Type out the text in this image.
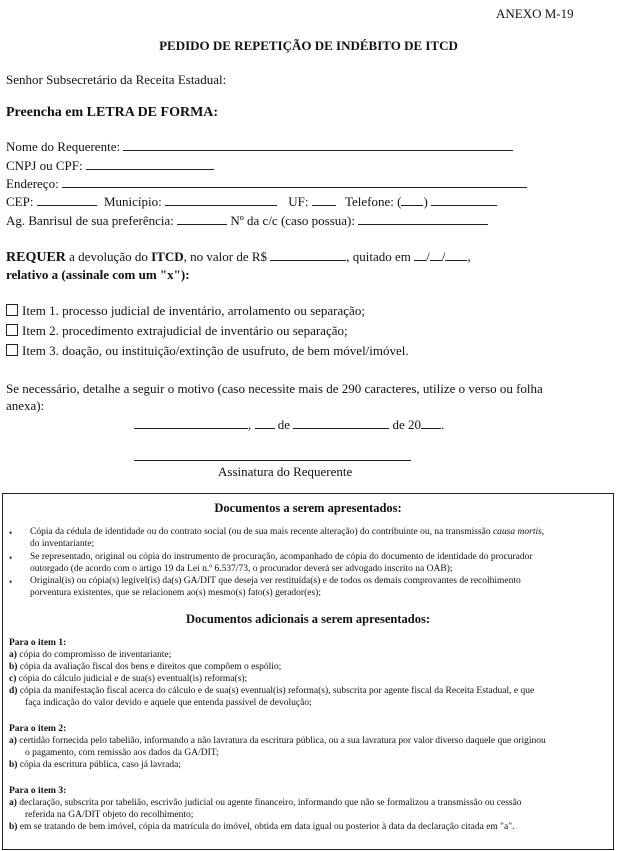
ANEXO M-19
PEDIDO DE REPETIÇÃO DE INDÉBITO DE ITCD
Senhor Subsecretário da Receita Estadual:
Preencha em LETRA DE FORMA:
Nome do Requerente:
CNPJ ou CPF:
Endereço:
CEP:	Município:	UF:	Telefone: ( )
Ag. Banrisul de sua preferência:	Nº da c/c (caso possua):
REQUER a devolução do ITCD, no valor de R$	, quitado em / / ,
relativo a (assinale com um "x"):
Item 1. processo judicial de inventário, arrolamento ou separação;
Item 2. procedimento extrajudicial de inventário ou separação;
Item 3. doação, ou instituição/extinção de usufruto, de bem móvel/imóvel.
Se necessário, detalhe a seguir o motivo (caso necessite mais de 290 caracteres, utilize o verso ou folha
anexa):
, de	de 20 .
Assinatura do Requerente
Documentos a serem apresentados:
• Cópia da cédula de identidade ou do contrato social (ou de sua mais recente alteração) do contribuinte ou, na transmissão causa mortis,
do inventariante;
• Se representado, original ou cópia do instrumento de procuração, acompanhado de cópia do documento de identidade do procurador
outorgado (de acordo com o artigo 19 da Lei n.º 6.537/73, o procurador deverá ser advogado inscrito na OAB);
• Original(is) ou cópia(s) legível(is) da(s) GA/DIT que deseja ver restituída(s) e de todos os demais comprovantes de recolhimento
porventura existentes, que se relacionem ao(s) mesmo(s) fato(s) gerador(es);
Documentos adicionais a serem apresentados:
Para o item 1:
a) cópia do compromisso de inventariante;
b) cópia da avaliação fiscal dos bens e direitos que compõem o espólio;
c) cópia do cálculo judicial e de sua(s) eventual(is) reforma(s);
d) cópia da manifestação fiscal acerca do cálculo e de sua(s) eventual(is) reforma(s), subscrita por agente fiscal da Receita Estadual, e que
faça indicação do valor devido e aquele que entenda passível de devolução;
Para o item 2:
a) certidão fornecida pelo tabelião, informando a não lavratura da escritura pública, ou a sua lavratura por valor diverso daquele que originou
o pagamento, com remissão aos dados da GA/DIT;
b) cópia da escritura pública, caso já lavrada;
Para o item 3:
a) declaração, subscrita por tabelião, escrivão judicial ou agente financeiro, informando que não se formalizou a transmissão ou cessão
referida na GA/DIT objeto do recolhimento;
b) em se tratando de bem imóvel, cópia da matrícula do imóvel, obtida em data igual ou posterior à data da declaração citada em "a".
